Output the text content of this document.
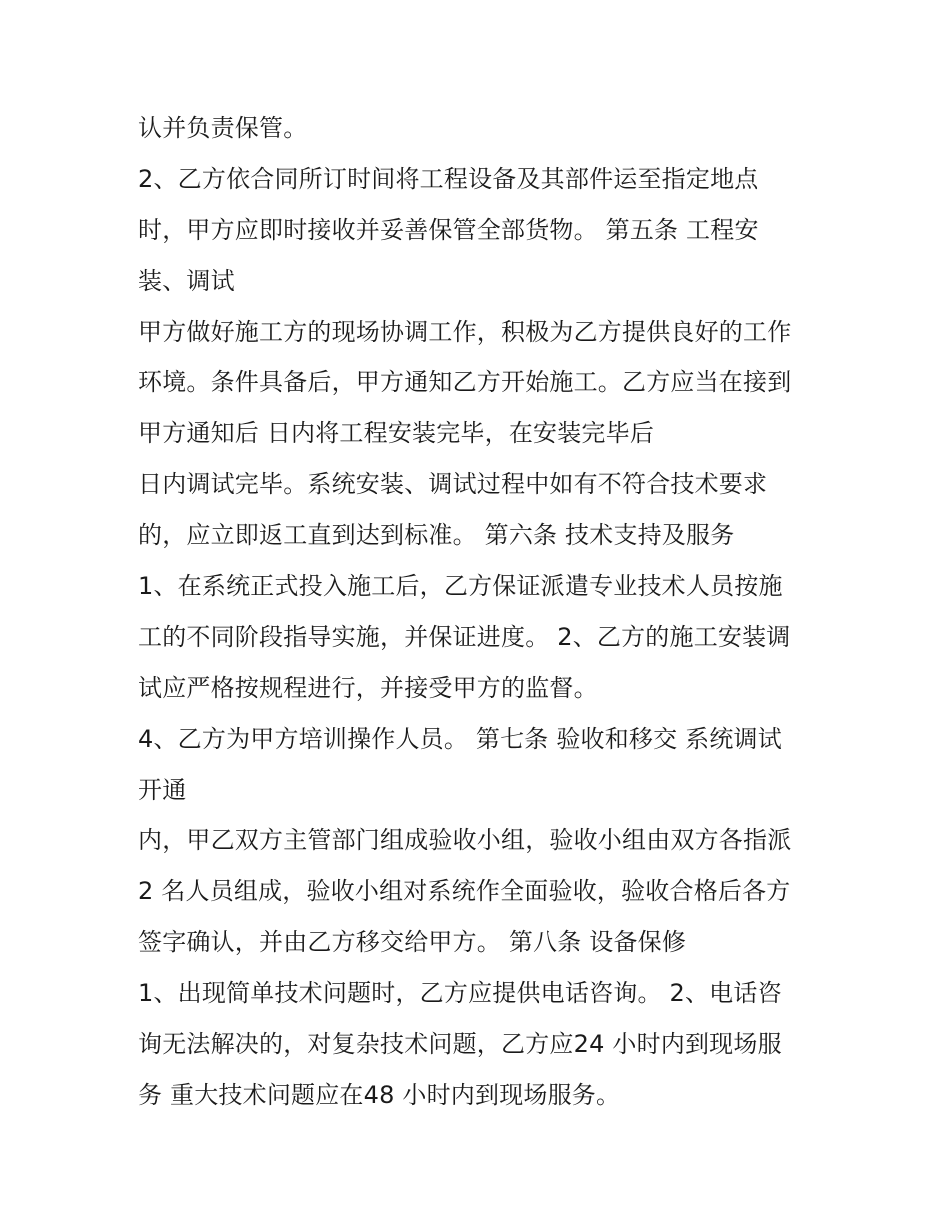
认并负责保管。
2、乙方依合同所订时间将工程设备及其部件运至指定地点
时，甲方应即时接收并妥善保管全部货物。 第五条 工程安
装、调试
甲方做好施工方的现场协调工作，积极为乙方提供良好的工作
环境。条件具备后，甲方通知乙方开始施工。乙方应当在接到
甲方通知后 日内将工程安装完毕，在安装完毕后
日内调试完毕。系统安装、调试过程中如有不符合技术要求
的，应立即返工直到达到标准。 第六条 技术支持及服务
1、在系统正式投入施工后，乙方保证派遣专业技术人员按施
工的不同阶段指导实施，并保证进度。 2、乙方的施工安装调
试应严格按规程进行，并接受甲方的监督。
4、乙方为甲方培训操作人员。 第七条 验收和移交 系统调试
开通
内，甲乙双方主管部门组成验收小组，验收小组由双方各指派
2 名人员组成，验收小组对系统作全面验收，验收合格后各方
签字确认，并由乙方移交给甲方。 第八条 设备保修
1、出现简单技术问题时，乙方应提供电话咨询。 2、电话咨
询无法解决的，对复杂技术问题，乙方应24 小时内到现场服
务 重大技术问题应在48 小时内到现场服务。
